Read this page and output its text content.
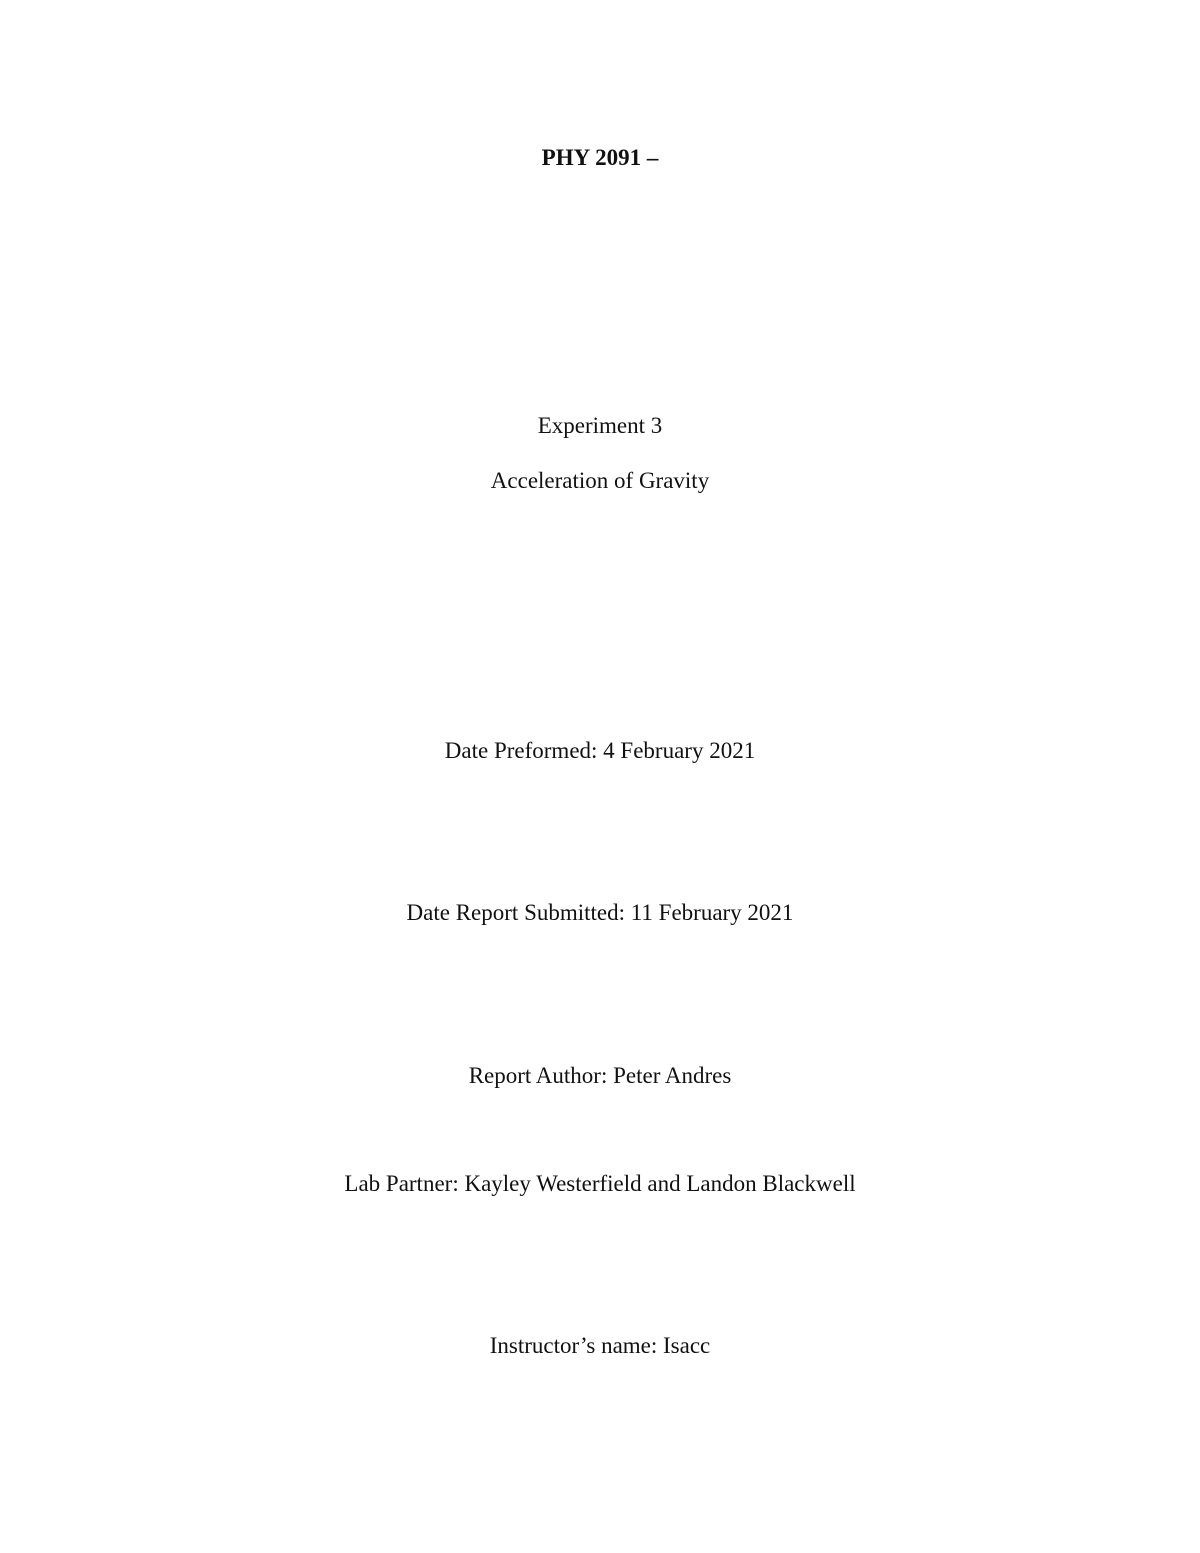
PHY 2091 –
Experiment 3
Acceleration of Gravity
Date Preformed: 4 February 2021
Date Report Submitted: 11 February 2021
Report Author: Peter Andres
Lab Partner: Kayley Westerfield and Landon Blackwell
Instructor’s name: Isacc
